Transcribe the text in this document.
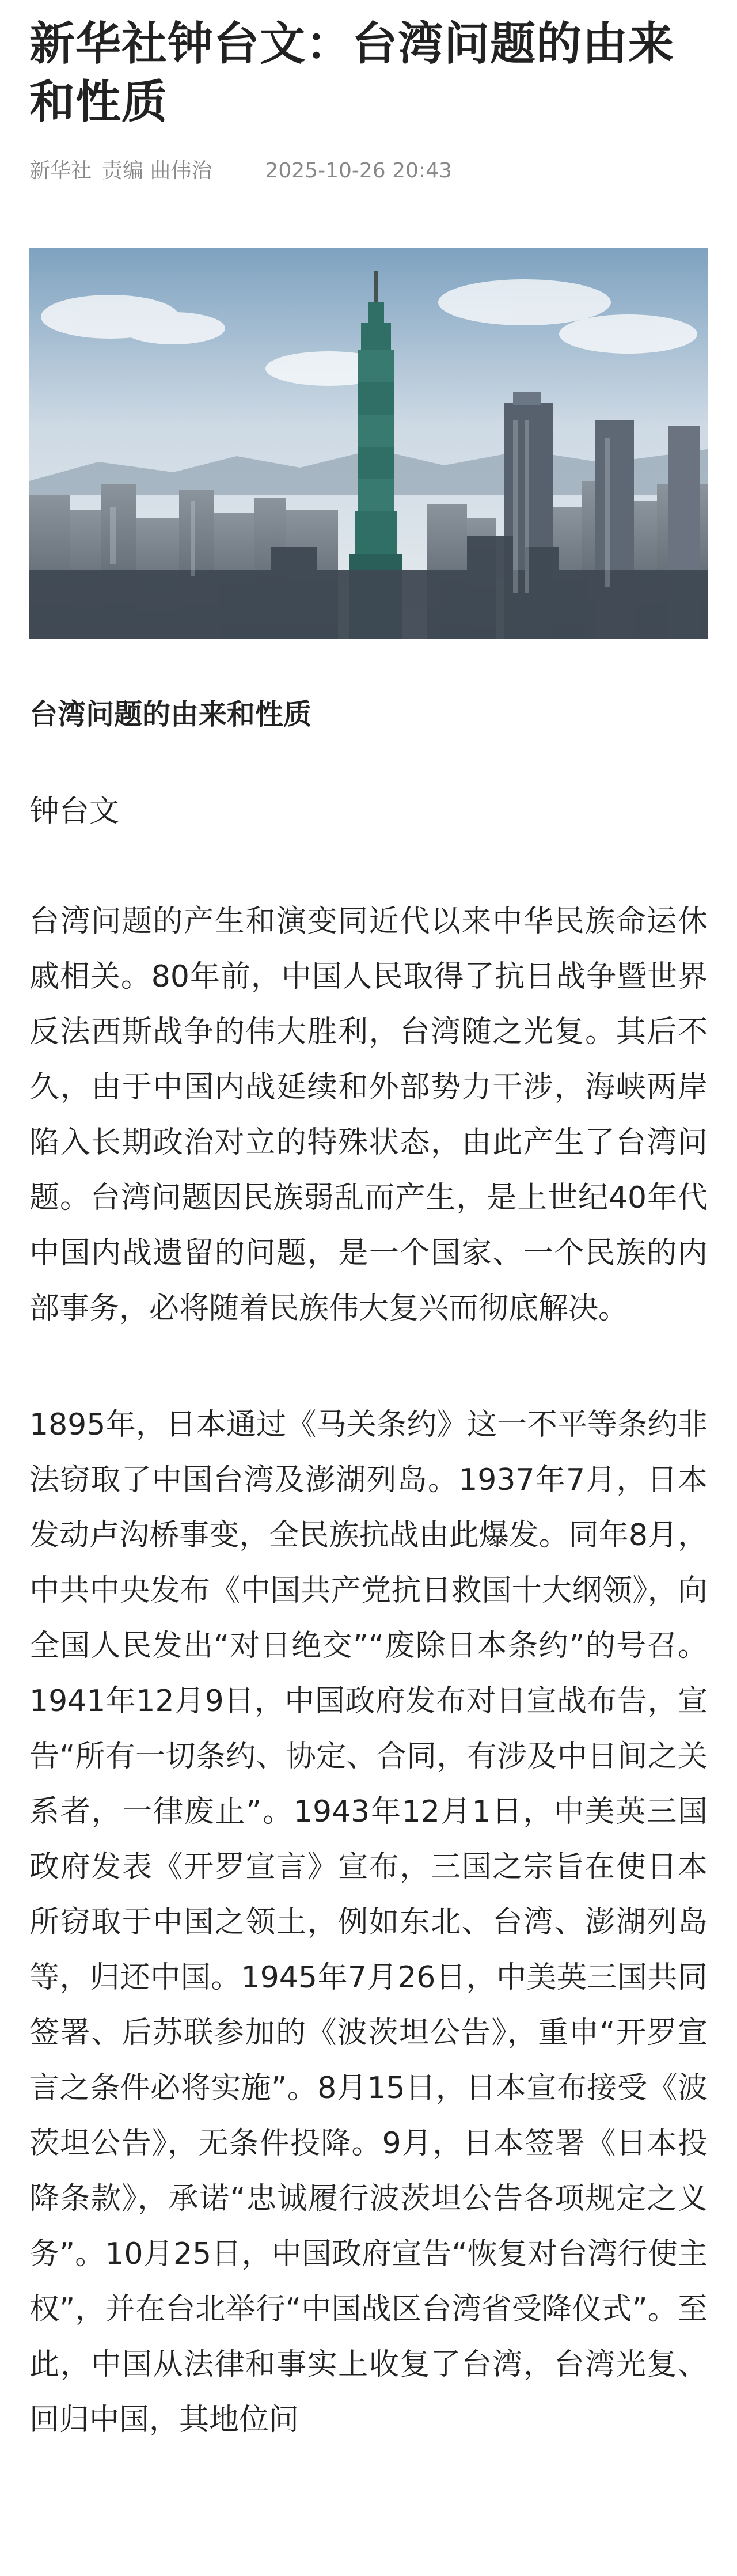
新华社钟台文：台湾问题的由来和性质
新华社 责编 曲伟治	2025-10-26 20:43
台湾问题的由来和性质

钟台文

台湾问题的产生和演变同近代以来中华民族命运休戚相关。80年前，中国人民取得了抗日战争暨世界反法西斯战争的伟大胜利，台湾随之光复。其后不久，由于中国内战延续和外部势力干涉，海峡两岸陷入长期政治对立的特殊状态，由此产生了台湾问题。台湾问题因民族弱乱而产生，是上世纪40年代中国内战遗留的问题，是一个国家、一个民族的内部事务，必将随着民族伟大复兴而彻底解决。

1895年，日本通过《马关条约》这一不平等条约非法窃取了中国台湾及澎湖列岛。1937年7月，日本发动卢沟桥事变，全民族抗战由此爆发。同年8月，中共中央发布《中国共产党抗日救国十大纲领》，向全国人民发出“对日绝交”“废除日本条约”的号召。1941年12月9日，中国政府发布对日宣战布告，宣告“所有一切条约、协定、合同，有涉及中日间之关系者，一律废止”。1943年12月1日，中美英三国政府发表《开罗宣言》宣布，三国之宗旨在使日本所窃取于中国之领土，例如东北、台湾、澎湖列岛等，归还中国。1945年7月26日，中美英三国共同签署、后苏联参加的《波茨坦公告》，重申“开罗宣言之条件必将实施”。8月15日，日本宣布接受《波茨坦公告》，无条件投降。9月，日本签署《日本投降条款》，承诺“忠诚履行波茨坦公告各项规定之义务”。10月25日，中国政府宣告“恢复对台湾行使主权”，并在台北举行“中国战区台湾省受降仪式”。至此，中国从法律和事实上收复了台湾，台湾光复、回归中国，其地位问
